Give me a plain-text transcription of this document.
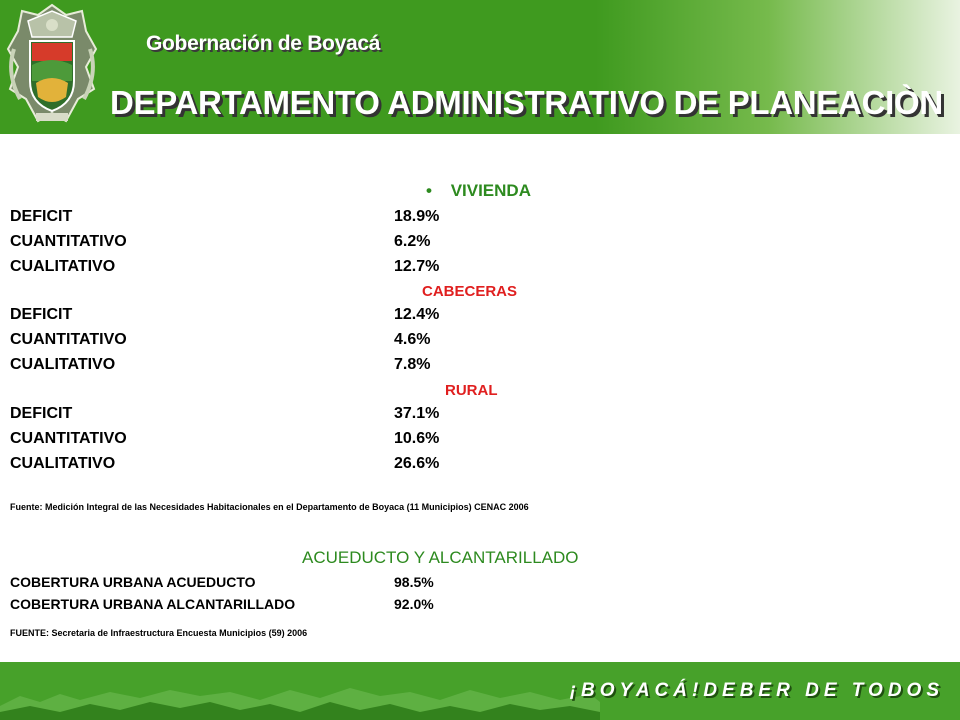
Gobernación de Boyacá
DEPARTAMENTO ADMINISTRATIVO DE PLANEACIÒN
• VIVIENDA
DEFICIT	18.9%
CUANTITATIVO	6.2%
CUALITATIVO	12.7%
CABECERAS
DEFICIT	12.4%
CUANTITATIVO	4.6%
CUALITATIVO	7.8%
RURAL
DEFICIT	37.1%
CUANTITATIVO	10.6%
CUALITATIVO	26.6%
Fuente: Medición Integral de las Necesidades Habitacionales en el Departamento de Boyaca (11 Municipios) CENAC 2006
ACUEDUCTO Y ALCANTARILLADO
COBERTURA URBANA ACUEDUCTO	98.5%
COBERTURA URBANA ALCANTARILLADO	92.0%
FUENTE: Secretaria de Infraestructura Encuesta Municipios (59) 2006
¡BOYACÁ!DEBER DE TODOS
